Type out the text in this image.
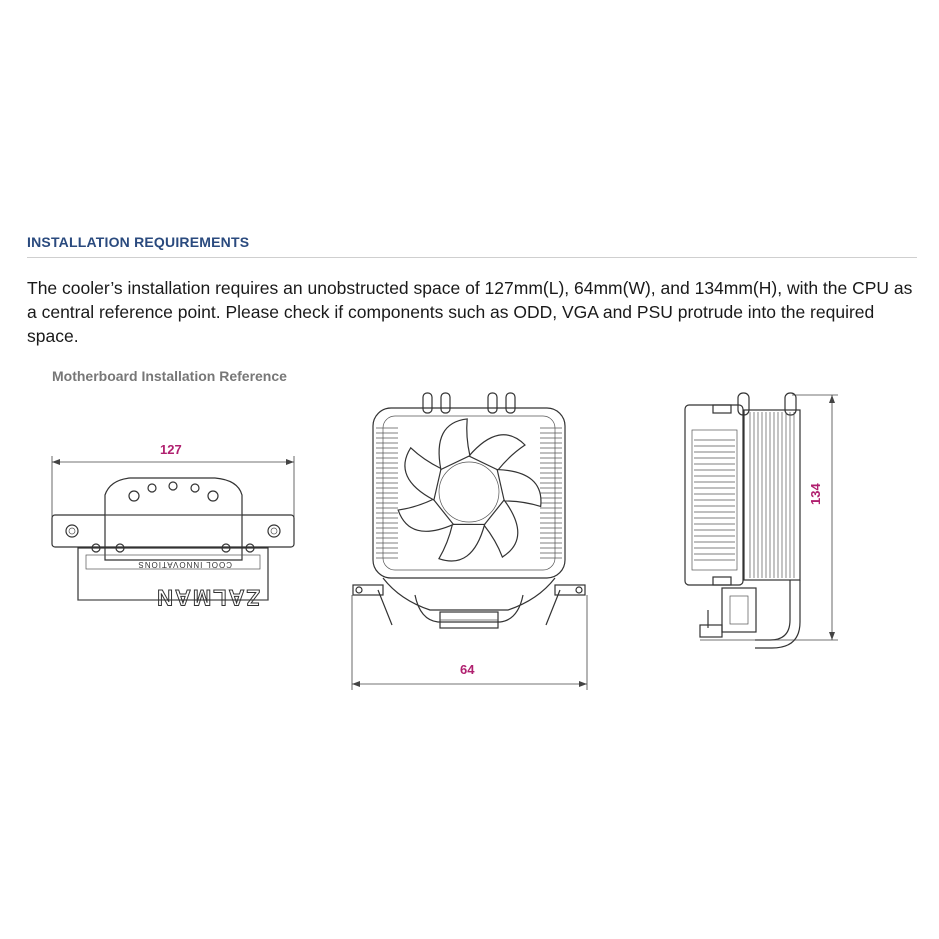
INSTALLATION REQUIREMENTS
The cooler’s installation requires an unobstructed space of 127mm(L), 64mm(W), and 134mm(H), with the CPU as a central reference point. Please check if components such as ODD, VGA and PSU protrude into the required space.
Motherboard Installation Reference
127
64
134
ZALMAN
COOL INNOVATIONS
